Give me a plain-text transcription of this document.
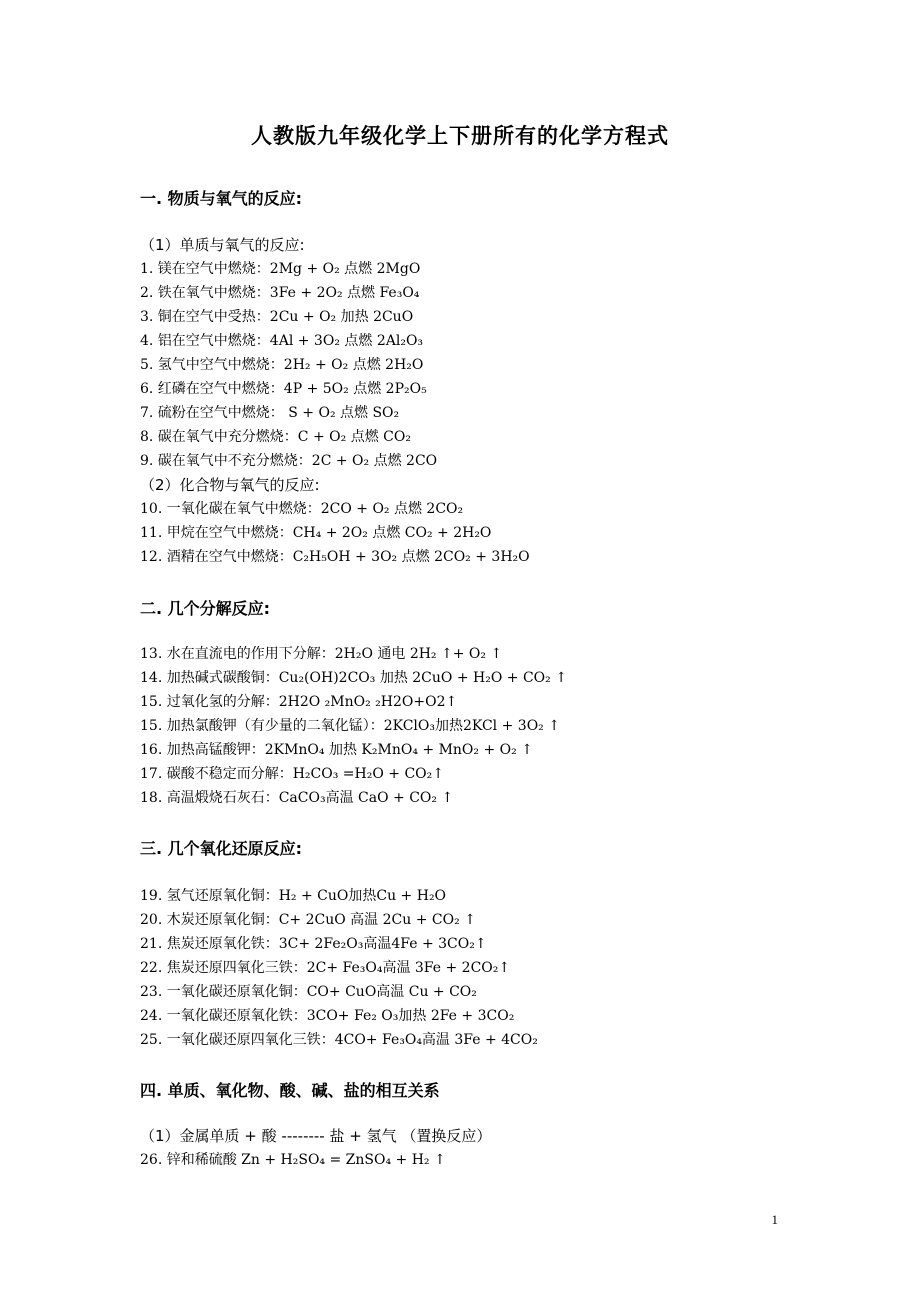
人教版九年级化学上下册所有的化学方程式
一. 物质与氧气的反应:
（1）单质与氧气的反应:
1. 镁在空气中燃烧：2Mg + O₂ 点燃 2MgO
2. 铁在氧气中燃烧：3Fe + 2O₂ 点燃 Fe₃O₄
3. 铜在空气中受热：2Cu + O₂ 加热 2CuO
4. 铝在空气中燃烧：4Al + 3O₂ 点燃 2Al₂O₃
5. 氢气中空气中燃烧：2H₂ + O₂ 点燃 2H₂O
6. 红磷在空气中燃烧：4P + 5O₂ 点燃 2P₂O₅
7. 硫粉在空气中燃烧： S + O₂ 点燃 SO₂
8. 碳在氧气中充分燃烧：C + O₂ 点燃 CO₂
9. 碳在氧气中不充分燃烧：2C + O₂ 点燃 2CO
（2）化合物与氧气的反应:
10. 一氧化碳在氧气中燃烧：2CO + O₂ 点燃 2CO₂
11. 甲烷在空气中燃烧：CH₄ + 2O₂ 点燃 CO₂ + 2H₂O
12. 酒精在空气中燃烧：C₂H₅OH + 3O₂ 点燃 2CO₂ + 3H₂O
二. 几个分解反应:
13. 水在直流电的作用下分解：2H₂O 通电 2H₂ ↑+ O₂ ↑
14. 加热碱式碳酸铜：Cu₂(OH)2CO₃ 加热 2CuO + H₂O + CO₂ ↑
15. 过氧化氢的分解：2H2O ₂MnO₂ ₂H2O+O2↑
15. 加热氯酸钾（有少量的二氧化锰）：2KClO₃加热2KCl + 3O₂ ↑
16. 加热高锰酸钾：2KMnO₄ 加热 K₂MnO₄ + MnO₂ + O₂ ↑
17. 碳酸不稳定而分解：H₂CO₃ =H₂O + CO₂↑
18. 高温煅烧石灰石：CaCO₃高温 CaO + CO₂ ↑
三. 几个氧化还原反应:
19. 氢气还原氧化铜：H₂ + CuO加热Cu + H₂O
20. 木炭还原氧化铜：C+ 2CuO 高温 2Cu + CO₂ ↑
21. 焦炭还原氧化铁：3C+ 2Fe₂O₃高温4Fe + 3CO₂↑
22. 焦炭还原四氧化三铁：2C+ Fe₃O₄高温 3Fe + 2CO₂↑
23. 一氧化碳还原氧化铜：CO+ CuO高温 Cu + CO₂
24. 一氧化碳还原氧化铁：3CO+ Fe₂ O₃加热 2Fe + 3CO₂
25. 一氧化碳还原四氧化三铁：4CO+ Fe₃O₄高温 3Fe + 4CO₂
四. 单质、氧化物、酸、碱、盐的相互关系
（1）金属单质 + 酸 -------- 盐 + 氢气 （置换反应）
26. 锌和稀硫酸 Zn + H₂SO₄ = ZnSO₄ + H₂ ↑
1
